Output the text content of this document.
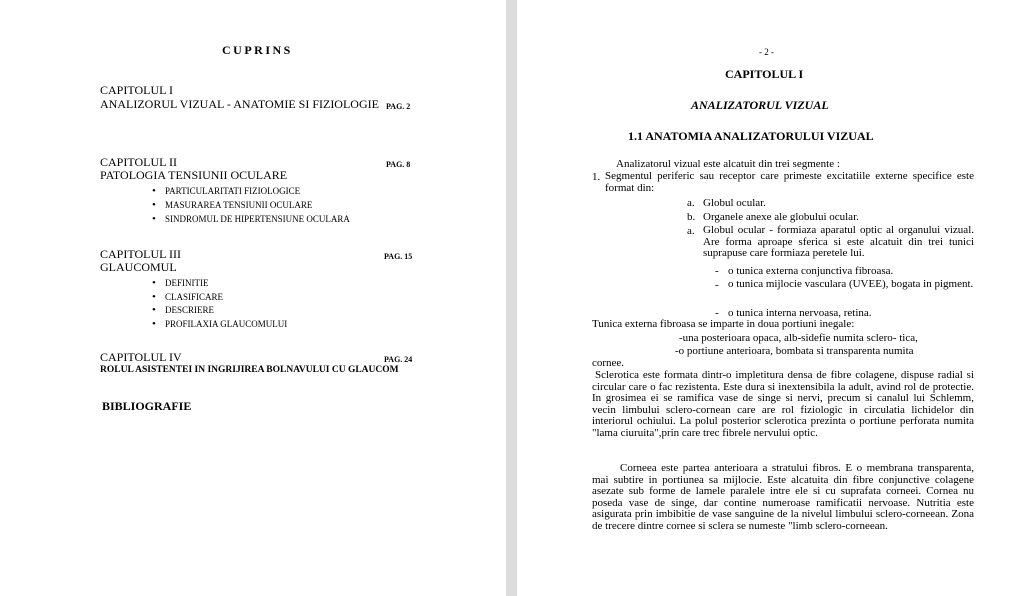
CUPRINS
CAPITOLUL I
ANALIZORUL VIZUAL - ANATOMIE SI FIZIOLOGIE PAG. 2
CAPITOLUL II	PAG. 8
PATOLOGIA TENSIUNII OCULARE
• PARTICULARITATI FIZIOLOGICE
• MASURAREA TENSIUNII OCULARE
• SINDROMUL DE HIPERTENSIUNE OCULARA
CAPITOLUL III	PAG. 15
GLAUCOMUL
• DEFINITIE
• CLASIFICARE
• DESCRIERE
• PROFILAXIA GLAUCOMULUI
CAPITOLUL IV	PAG. 24
ROLUL ASISTENTEI IN INGRIJIREA BOLNAVULUI CU GLAUCOM
BIBLIOGRAFIE
- 2 -
CAPITOLUL I
ANALIZATORUL VIZUAL
1.1 ANATOMIA ANALIZATORULUI VIZUAL
Analizatorul vizual este alcatuit din trei segmente :
1. Segmentul periferic sau receptor care primeste excitatiile externe specifice este format din:
a. Globul ocular.
b. Organele anexe ale globului ocular.
a. Globul ocular - formiaza aparatul optic al organului vizual. Are forma aproape sferica si este alcatuit din trei tunici suprapuse care formiaza peretele lui.
- o tunica externa conjunctiva fibroasa.
- o tunica mijlocie vasculara (UVEE), bogata in pigment.
- o tunica interna nervoasa, retina.
Tunica externa fibroasa se imparte in doua portiuni inegale:
-una posterioara opaca, alb-sidefie numita sclero- tica,
-o portiune anterioara, bombata si transparenta numita
cornee.
Sclerotica este formata dintr-o impletitura densa de fibre colagene, dispuse radial si circular care o fac rezistenta. Este dura si inextensibila la adult, avind rol de protectie. In grosimea ei se ramifica vase de singe si nervi, precum si canalul lui Schlemm, vecin limbului sclero-cornean care are rol fiziologic in circulatia lichidelor din interiorul ochiului. La polul posterior sclerotica prezinta o portiune perforata numita "lama ciuruita",prin care trec fibrele nervului optic.
Corneea este partea anterioara a stratului fibros. E o membrana transparenta, mai subtire in portiunea sa mijlocie. Este alcatuita din fibre conjunctive colagene asezate sub forme de lamele paralele intre ele si cu suprafata corneei. Cornea nu poseda vase de singe, dar contine numeroase ramificatii nervoase. Nutritia este asigurata prin imbibitie de vase sanguine de la nivelul limbului sclero-corneean. Zona de trecere dintre cornee si sclera se numeste "limb sclero-corneean.
